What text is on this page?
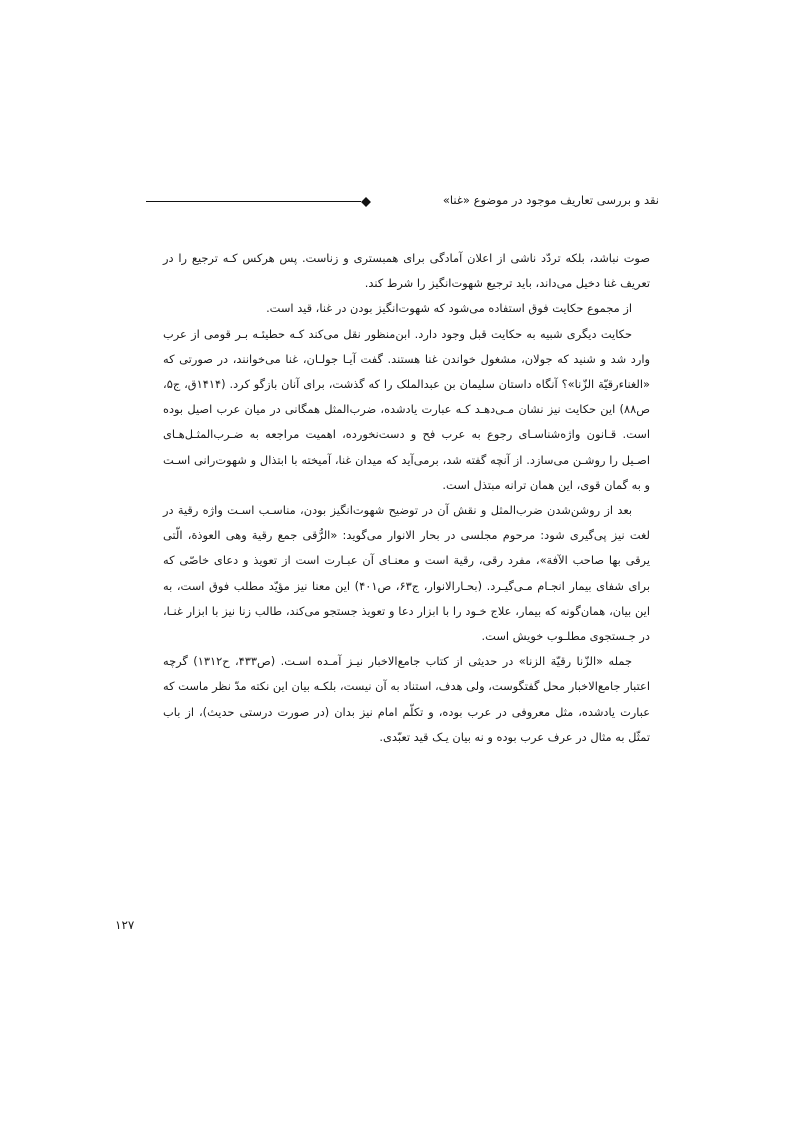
نقد و بررسی تعاریف موجود در موضوع «غنا»

صوت نباشد، بلکه تردّد ناشی از اعلان آمادگی برای همبستری و زناست. پس هرکس کـه ترجیع را در تعریف غنا دخیل می‌داند، باید ترجیع شهوت‌انگیز را شرط کند.

از مجموع حکایت فوق استفاده می‌شود که شهوت‌انگیز بودن در غنا، قید است.

حکایت دیگری شبیه به حکایت قبل وجود دارد. ابن‌منظور نقل می‌کند کـه حطیئـه بـر قومی از عرب وارد شد و شنید که جولان، مشغول خواندن غنا هستند. گفت آیـا جولـان، غنا می‌خوانند، در صورتی که «الغناءرقیّة الزّنا»؟ آنگاه داستان سلیمان بن عبدالملک را که گذشت، برای آنان بازگو کرد. (۱۴۱۴ق، ج۵، ص۸۸) این حکایت نیز نشان مـی‌دهـد کـه عبارت یادشده، ضرب‌المثل همگانی در میان عرب اصیل بوده است. قـانون واژه‌شناسـای رجوع به عرب فح و دست‌نخورده، اهمیت مراجعه به ضـرب‌المثـل‌هـای اصـیل را روشـن می‌سازد. از آنچه گفته شد، برمی‌آید که میدان غنا، آمیخته با ابتذال و شهوت‌رانی اسـت و به گمان قوی، این همان ترانه مبتذل است.

بعد از روشن‌شدن ضرب‌المثل و نقش آن در توضیح شهوت‌انگیز بودن، مناسـب اسـت واژه رقیة در لغت نیز پی‌گیری شود: مرحوم مجلسی در بحار الانوار می‌گوید: «الرُّقی جمع رقیة وهی العوذة، الّتی یرقی بها صاحب الآفة»، مفرد رقی، رقیة است و معنـای آن عبـارت است از تعویذ و دعای خاصّی که برای شفای بیمار انجـام مـی‌گیـرد. (بحـارالانوار، ج۶۳، ص۴۰۱) این معنا نیز مؤیّد مطلب فوق است، به این بیان، همان‌گونه که بیمار، علاج خـود را با ابزار دعا و تعویذ جستجو می‌کند، طالب زنا نیز با ابزار غنـا، در جـستجوی مطلـوب خویش است.

جمله «الزّنا رقیّة الزنا» در حدیثی از کتاب جامع‌الاخبار نیـز آمـده اسـت. (ص۴۳۳، ح۱۳۱۲) گرچه اعتبار جامع‌الاخبار محل گفتگوست، ولی هدف، استناد به آن نیست، بلکـه بیان این نکته مدّ نظر ماست که عبارت یادشده، مثل معروفی در عرب بوده، و تکلّم امام نیز بدان (در صورت درستی حدیث)، از باب تمثّل به مثال در عرف عرب بوده و نه بیان یـک قید تعبّدی.

۱۲۷
